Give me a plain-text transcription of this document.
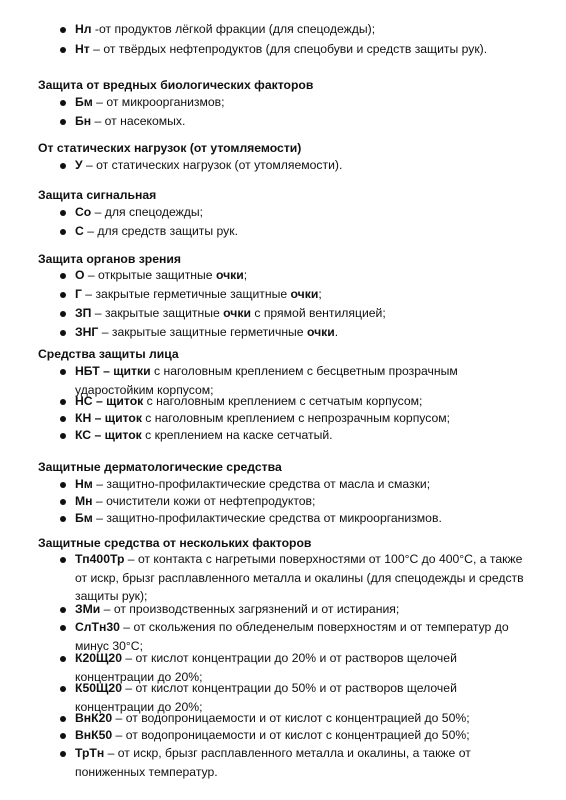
Нл -от продуктов лёгкой фракции (для спецодежды);
Нт – от твёрдых нефтепродуктов (для спецобуви и средств защиты рук).
Защита от вредных биологических факторов
Бм – от микроорганизмов;
Бн – от насекомых.
От статических нагрузок (от утомляемости)
У – от статических нагрузок (от утомляемости).
Защита сигнальная
Со – для спецодежды;
С – для средств защиты рук.
Защита органов зрения
О – открытые защитные очки;
Г – закрытые герметичные защитные очки;
ЗП – закрытые защитные очки с прямой вентиляцией;
ЗНГ – закрытые защитные герметичные очки.
Средства защиты лица
НБТ – щитки с наголовным креплением с бесцветным прозрачным ударостойким корпусом;
НС – щиток с наголовным креплением с сетчатым корпусом;
КН – щиток с наголовным креплением с непрозрачным корпусом;
КС – щиток с креплением на каске сетчатый.
Защитные дерматологические средства
Нм – защитно-профилактические средства от масла и смазки;
Мн – очистители кожи от нефтепродуктов;
Бм – защитно-профилактические средства от микроорганизмов.
Защитные средства от нескольких факторов
Тп400Тр – от контакта с нагретыми поверхностями от 100°С до 400°С, а также от искр, брызг расплавленного металла и окалины (для спецодежды и средств защиты рук);
ЗМи – от производственных загрязнений и от истирания;
СлТн30 – от скольжения по обледенелым поверхностям и от температур до минус 30°С;
К20Щ20 – от кислот концентрации до 20% и от растворов щелочей концентрации до 20%;
К50Щ20 – от кислот концентрации до 50% и от растворов щелочей концентрации до 20%;
ВнК20 – от водопроницаемости и от кислот с концентрацией до 50%;
ВнК50 – от водопроницаемости и от кислот с концентрацией до 50%;
ТрТн – от искр, брызг расплавленного металла и окалины, а также от пониженных температур.
